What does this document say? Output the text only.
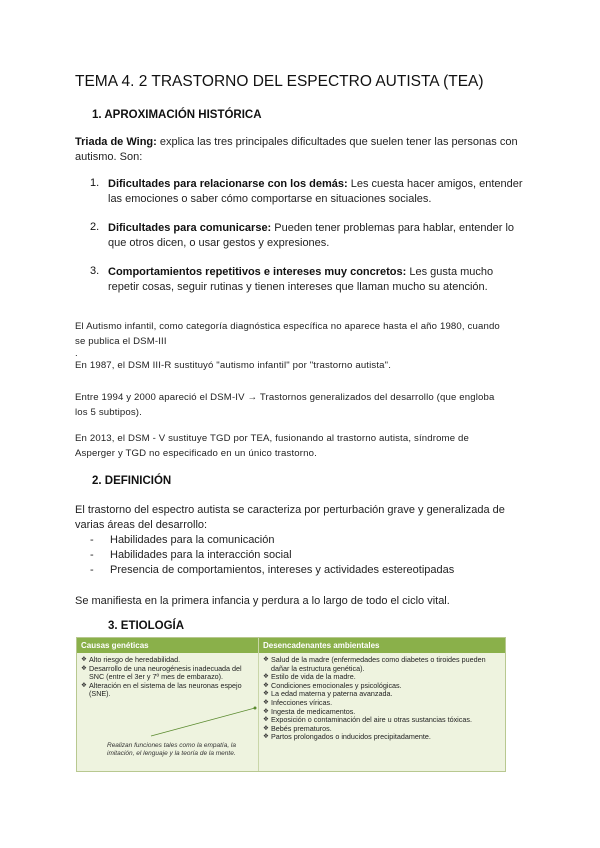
TEMA 4. 2 TRASTORNO DEL ESPECTRO AUTISTA (TEA)
1. APROXIMACIÓN HISTÓRICA
Triada de Wing: explica las tres principales dificultades que suelen tener las personas con
autismo. Son:
1. Dificultades para relacionarse con los demás: Les cuesta hacer amigos, entender
las emociones o saber cómo comportarse en situaciones sociales.
2. Dificultades para comunicarse: Pueden tener problemas para hablar, entender lo
que otros dicen, o usar gestos y expresiones.
3. Comportamientos repetitivos e intereses muy concretos: Les gusta mucho
repetir cosas, seguir rutinas y tienen intereses que llaman mucho su atención.
El Autismo infantil, como categoría diagnóstica específica no aparece hasta el año 1980, cuando
se publica el DSM-III
.
En 1987, el DSM III-R sustituyó "autismo infantil" por "trastorno autista".
Entre 1994 y 2000 apareció el DSM-IV → Trastornos generalizados del desarrollo (que engloba
los 5 subtipos).
En 2013, el DSM - V sustituye TGD por TEA, fusionando al trastorno autista, síndrome de
Asperger y TGD no especificado en un único trastorno.
2. DEFINICIÓN
El trastorno del espectro autista se caracteriza por perturbación grave y generalizada de
varias áreas del desarrollo:
- Habilidades para la comunicación
- Habilidades para la interacción social
- Presencia de comportamientos, intereses y actividades estereotipadas
Se manifiesta en la primera infancia y perdura a lo largo de todo el ciclo vital.
3. ETIOLOGÍA
Causas genéticas	Desencadenantes ambientales
❖ Alto riesgo de heredabilidad.
❖ Desarrollo de una neurogénesis inadecuada del SNC (entre el 3er y 7º mes de embarazo).
❖ Alteración en el sistema de las neuronas espejo (SNE).
Realizan funciones tales como la empatía, la imitación, el lenguaje y la teoría de la mente.
❖ Salud de la madre (enfermedades como diabetes o tiroides pueden dañar la estructura genética).
❖ Estilo de vida de la madre.
❖ Condiciones emocionales y psicológicas.
❖ La edad materna y paterna avanzada.
❖ Infecciones víricas.
❖ Ingesta de medicamentos.
❖ Exposición o contaminación del aire u otras sustancias tóxicas.
❖ Bebés prematuros.
❖ Partos prolongados o inducidos precipitadamente.
